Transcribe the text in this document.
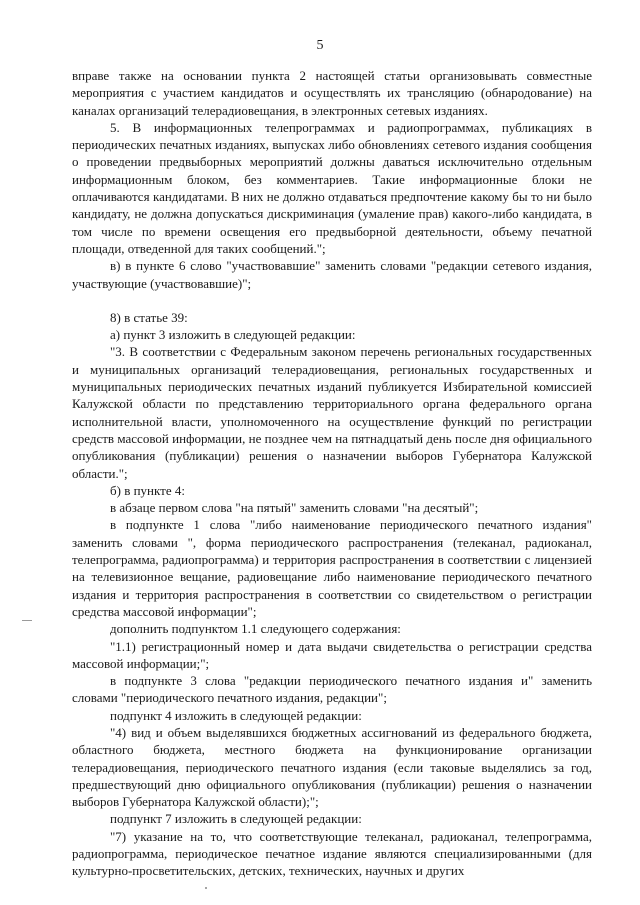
5

вправе также на основании пункта 2 настоящей статьи организовывать совместные мероприятия с участием кандидатов и осуществлять их трансляцию (обнародование) на каналах организаций телерадиовещания, в электронных сетевых изданиях.

5. В информационных телепрограммах и радиопрограммах, публикациях в периодических печатных изданиях, выпусках либо обновлениях сетевого издания сообщения о проведении предвыборных мероприятий должны даваться исключительно отдельным информационным блоком, без комментариев. Такие информационные блоки не оплачиваются кандидатами. В них не должно отдаваться предпочтение какому бы то ни было кандидату, не должна допускаться дискриминация (умаление прав) какого-либо кандидата, в том числе по времени освещения его предвыборной деятельности, объему печатной площади, отведенной для таких сообщений.";

в) в пункте 6 слово "участвовавшие" заменить словами "редакции сетевого издания, участвующие (участвовавшие)";

8) в статье 39:

а) пункт 3 изложить в следующей редакции:

"3. В соответствии с Федеральным законом перечень региональных государственных и муниципальных организаций телерадиовещания, региональных государственных и муниципальных периодических печатных изданий публикуется Избирательной комиссией Калужской области по представлению территориального органа федерального органа исполнительной власти, уполномоченного на осуществление функций по регистрации средств массовой информации, не позднее чем на пятнадцатый день после дня официального опубликования (публикации) решения о назначении выборов Губернатора Калужской области.";

б) в пункте 4:

в абзаце первом слова "на пятый" заменить словами "на десятый";

в подпункте 1 слова "либо наименование периодического печатного издания" заменить словами ", форма периодического распространения (телеканал, радиоканал, телепрограмма, радиопрограмма) и территория распространения в соответствии с лицензией на телевизионное вещание, радиовещание либо наименование периодического печатного издания и территория распространения в соответствии со свидетельством о регистрации средства массовой информации";

дополнить подпунктом 1.1 следующего содержания:

"1.1) регистрационный номер и дата выдачи свидетельства о регистрации средства массовой информации;";

в подпункте 3 слова "редакции периодического печатного издания и" заменить словами "периодического печатного издания, редакции";

подпункт 4 изложить в следующей редакции:

"4) вид и объем выделявшихся бюджетных ассигнований из федерального бюджета, областного бюджета, местного бюджета на функционирование организации телерадиовещания, периодического печатного издания (если таковые выделялись за год, предшествующий дню официального опубликования (публикации) решения о назначении выборов Губернатора Калужской области);";

подпункт 7 изложить в следующей редакции:

"7) указание на то, что соответствующие телеканал, радиоканал, телепрограмма, радиопрограмма, периодическое печатное издание являются специализированными (для культурно-просветительских, детских, технических, научных и других
